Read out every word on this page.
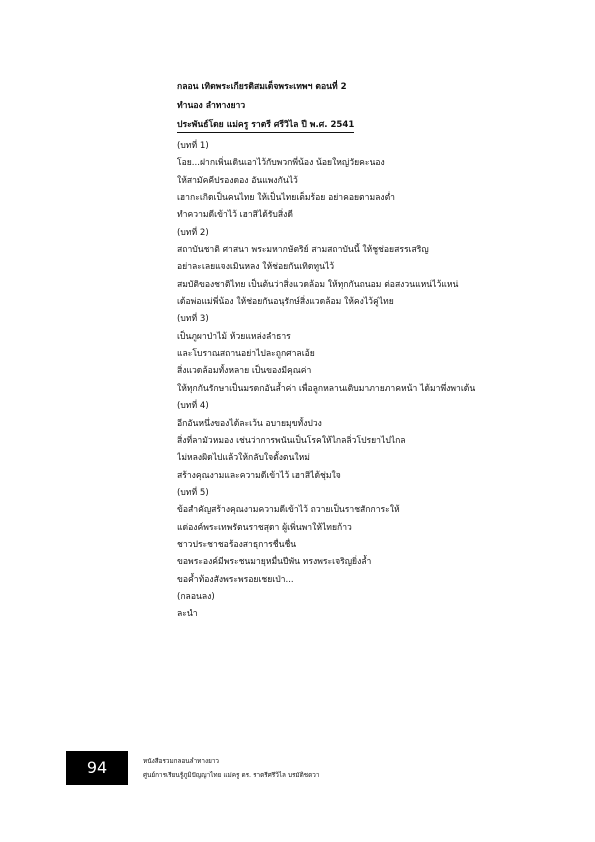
กลอน เทิดพระเกียรติสมเด็จพระเทพฯ ตอนที่ 2
ทำนอง ลำทางยาว
ประพันธ์โดย แม่ครู ราตรี ศรีวิไล ปี พ.ศ. 2541
(บทที่ 1)
โอย...ฝากเพิ่นเดินเอาไว้กับพวกพี่น้อง น้อยใหญ่วัยคะนอง
ให้สามัคคีปรองดอง อันแพงกันไว้
เฮากะเกิดเป็นคนไทย ให้เป็นไทยเต็มร้อย อย่าคอยตามลงต่ำ
ทำความดีเข้าไว้ เฮาสิได้รับสิ่งดี
(บทที่ 2)
สถาบันชาติ ศาสนา พระมหากษัตริย์ สามสถาบันนี้ ให้ชูช่อยสรรเสริญ
อย่าละเลยแจงเมินหลง ให้ช่อยกันเทิดทูนไว้
สมบัติของชาติไทย เป็นต้นว่าสิ่งแวดล้อม ให้ทุกกันถนอม ต่อสงวนแหน่ไว้แหน่
เด้อพ่อแม่พี่น้อง ให้ช่อยกันอนุรักษ์สิ่งแวดล้อม ให้คงไว้คู่ไทย
(บทที่ 3)
เป็นภูผาป่าไม้ ห้วยแหล่งลำธาร
และโบราณสถานอย่าไปละถูกศาลเอ้ย
สิ่งแวดล้อมทั้งหลาย เป็นของมีคุณค่า
ให้ทุกกันรักษาเป็นมรดกอันล้ำค่า เพื่อลูกหลานเติบมาภายภาคหน้า ได้มาพึ่งพาเด้น
(บทที่ 4)
อีกอันหนึ่งของได้ละเว้น อบายมุขทั้งปวง
สิ่งที่ลามัวหมอง เช่นว่าการพนันเป็นโรคให้ไกลลิ่วโปรยาไปไกล
ไม่หลงผิดไปแล้วให้กลับใจตั้งตนใหม่
สร้างคุณงามและความดีเข้าไว้ เฮาสิได้ชุ่มใจ
(บทที่ 5)
ข้อสำคัญสร้างคุณงามความดีเข้าไว้ ถวายเป็นราชสักการะให้
แด่องค์พระเทพรัตนราชสุดา ผู้เพิ่นพาให้ไทยก้าว
ชาวประชาชอร้องสาธุการชื่นชื่น
ขอพระองค์มีพระชนมายุหมื่นปีพัน ทรงพระเจริญยิ่งล้ำ
ขอค้ำท้องสังพระพรอยเชยเป่า...
(กลอนลง)
ละนำ
94	หนังสือรวมกลอนลำทางยาว
ศูนย์การเรียนรู้ภูมิปัญญาไทย แม่ครู ดร. ราตรีศรีวิไล บรมัติชดวา
